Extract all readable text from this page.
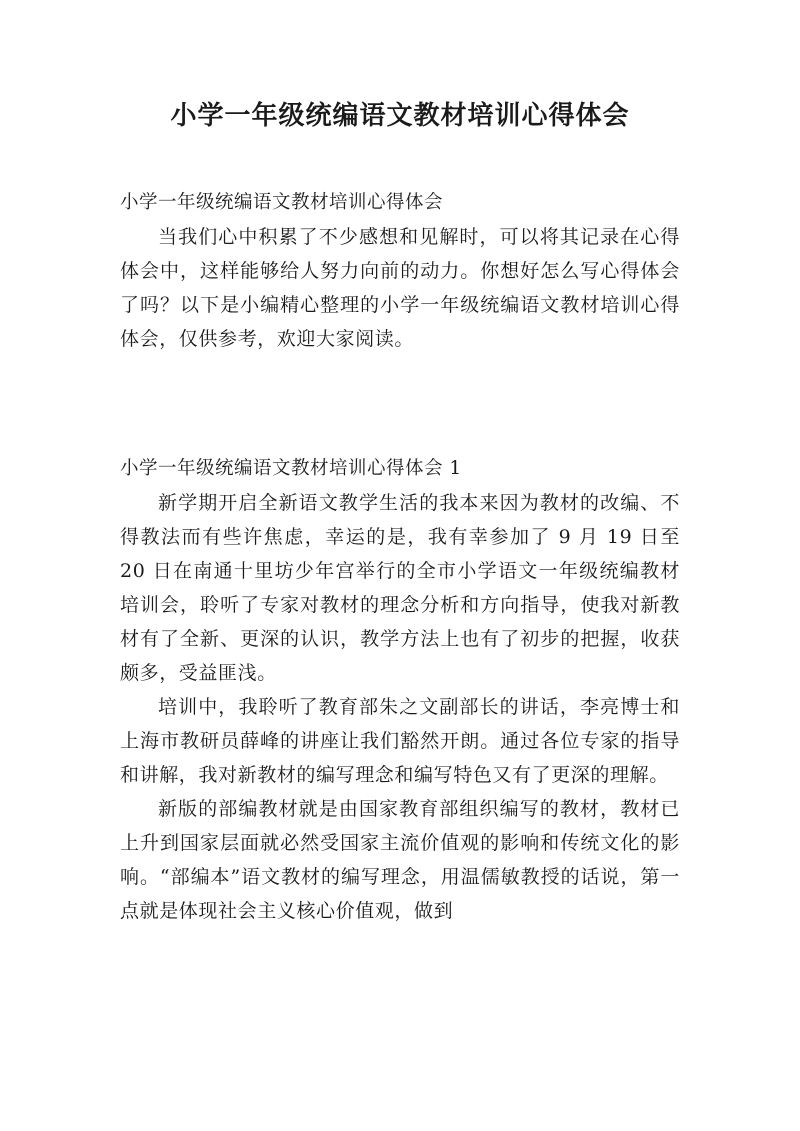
小学一年级统编语文教材培训心得体会
小学一年级统编语文教材培训心得体会

当我们心中积累了不少感想和见解时，可以将其记录在心得体会中，这样能够给人努力向前的动力。你想好怎么写心得体会了吗？以下是小编精心整理的小学一年级统编语文教材培训心得体会，仅供参考，欢迎大家阅读。

小学一年级统编语文教材培训心得体会 1

新学期开启全新语文教学生活的我本来因为教材的改编、不得教法而有些许焦虑，幸运的是，我有幸参加了 9 月 19 日至 20 日在南通十里坊少年宫举行的全市小学语文一年级统编教材培训会，聆听了专家对教材的理念分析和方向指导，使我对新教材有了全新、更深的认识，教学方法上也有了初步的把握，收获颇多，受益匪浅。

培训中，我聆听了教育部朱之文副部长的讲话，李亮博士和上海市教研员薛峰的讲座让我们豁然开朗。通过各位专家的指导和讲解，我对新教材的编写理念和编写特色又有了更深的理解。

新版的部编教材就是由国家教育部组织编写的教材，教材已上升到国家层面就必然受国家主流价值观的影响和传统文化的影响。“部编本”语文教材的编写理念，用温儒敏教授的话说，第一点就是体现社会主义核心价值观，做到
